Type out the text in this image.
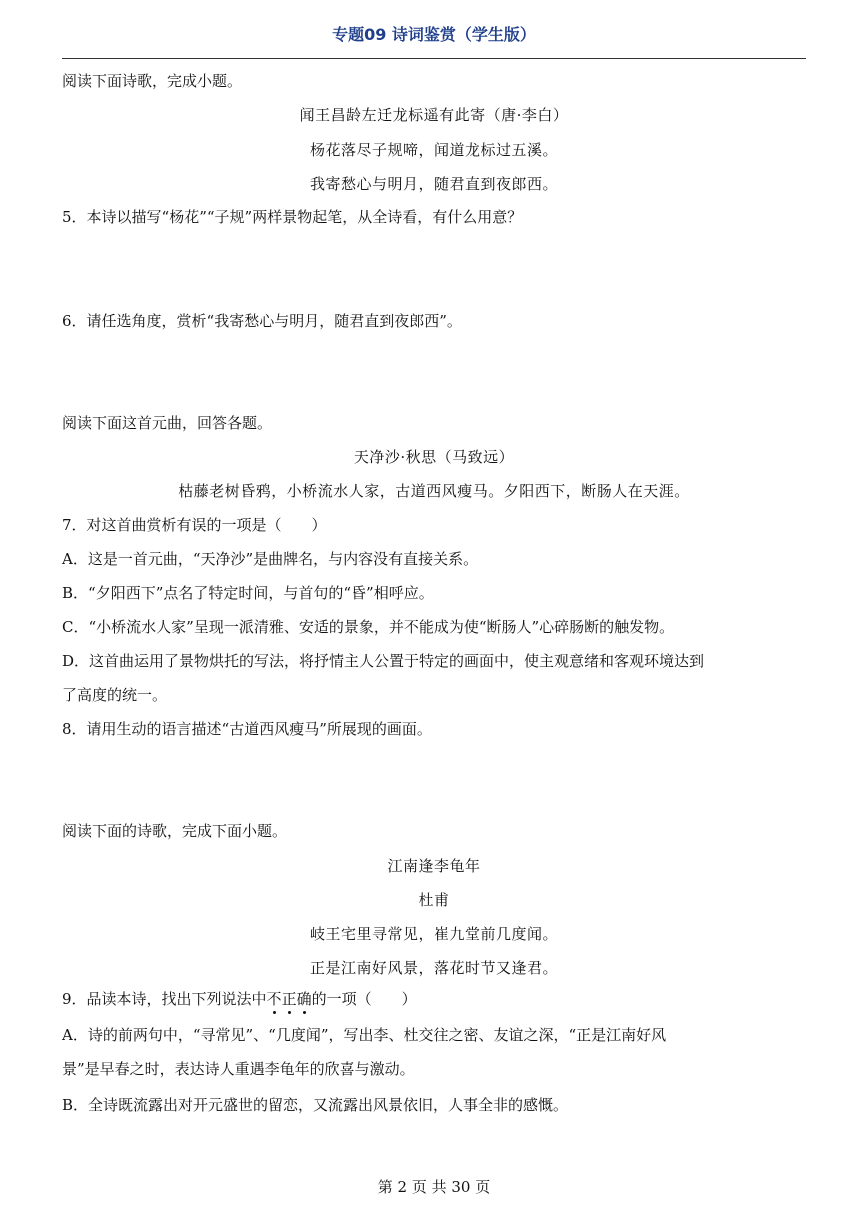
专题09 诗词鉴赏（学生版）
阅读下面诗歌，完成小题。
闻王昌龄左迁龙标遥有此寄（唐·李白）
杨花落尽子规啼，闻道龙标过五溪。
我寄愁心与明月，随君直到夜郎西。
5．本诗以描写“杨花”“子规”两样景物起笔，从全诗看，有什么用意？
6．请任选角度，赏析“我寄愁心与明月，随君直到夜郎西”。
阅读下面这首元曲，回答各题。
天净沙·秋思（马致远）
枯藤老树昏鸦，小桥流水人家，古道西风瘦马。夕阳西下，断肠人在天涯。
7．对这首曲赏析有误的一项是（　　）
A．这是一首元曲，“天净沙”是曲牌名，与内容没有直接关系。
B．“夕阳西下”点名了特定时间，与首句的“昏”相呼应。
C．“小桥流水人家”呈现一派清雅、安适的景象，并不能成为使“断肠人”心碎肠断的触发物。
D．这首曲运用了景物烘托的写法，将抒情主人公置于特定的画面中，使主观意绪和客观环境达到
了高度的统一。
8．请用生动的语言描述“古道西风瘦马”所展现的画面。
阅读下面的诗歌，完成下面小题。
江南逢李龟年
杜甫
岐王宅里寻常见，崔九堂前几度闻。
正是江南好风景，落花时节又逢君。
9．品读本诗，找出下列说法中不正确的一项（　　）
A．诗的前两句中，“寻常见”、“几度闻”，写出李、杜交往之密、友谊之深，“正是江南好风
景”是早春之时，表达诗人重遇李龟年的欣喜与激动。
B．全诗既流露出对开元盛世的留恋，又流露出风景依旧，人事全非的感慨。
第 2 页 共 30 页
